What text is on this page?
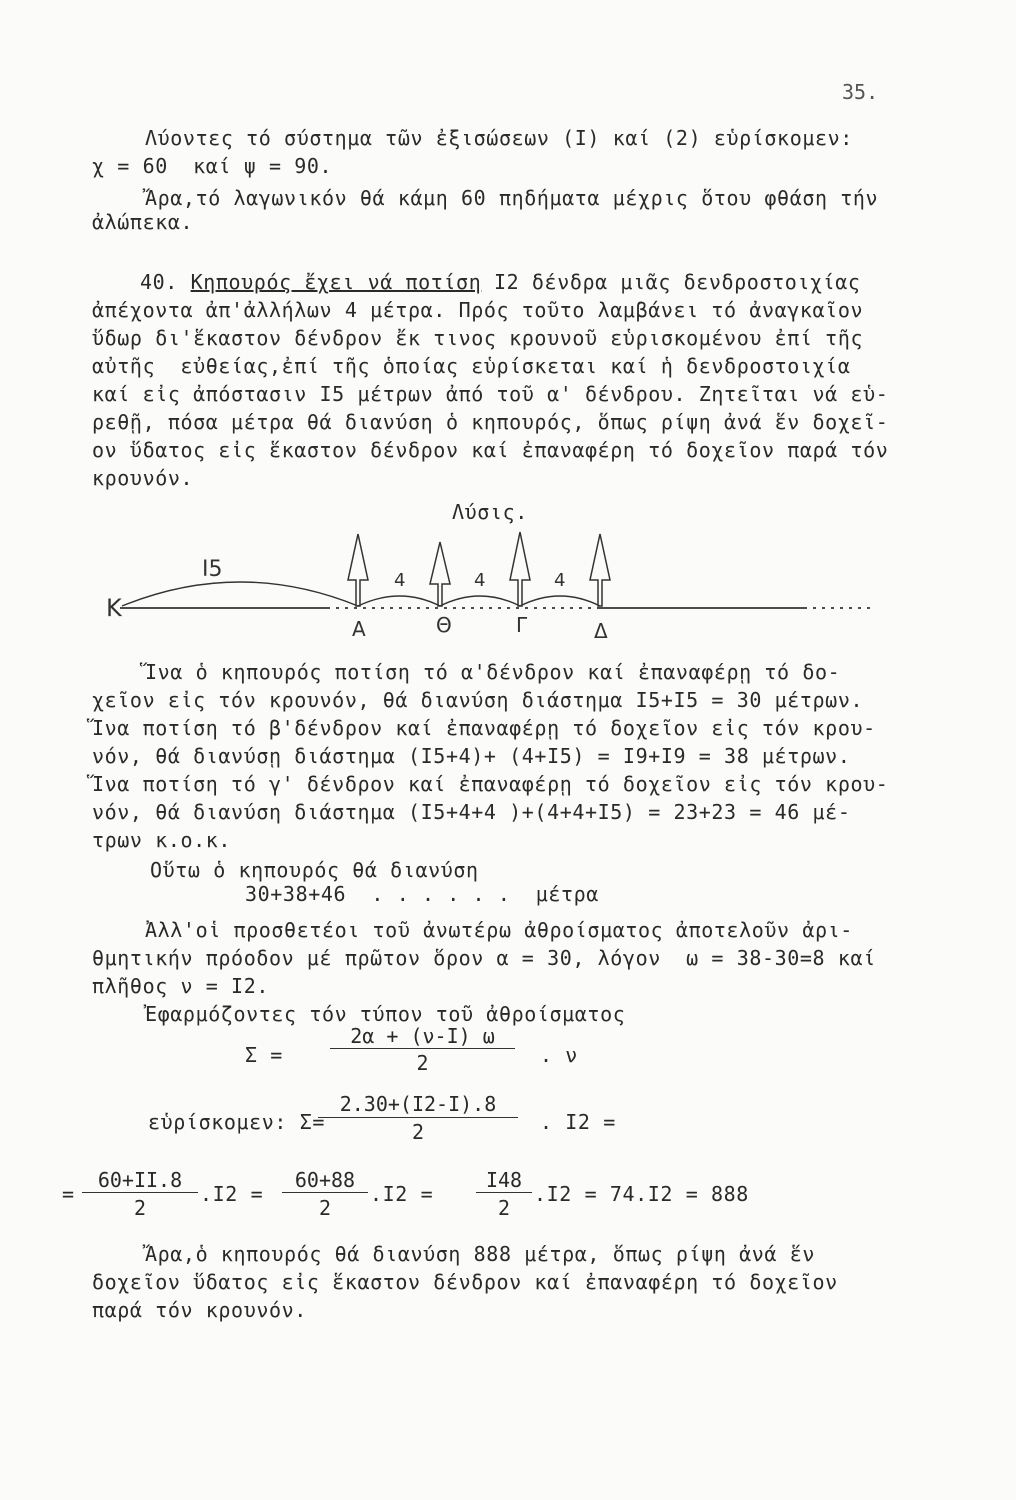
35.
Λύοντες τό σύστημα τῶν ἐξισώσεων (Ι) καί (2) εὑρίσκομεν:
χ = 60  καί ψ = 90.
Ἄρα,τό λαγωνικόν θά κάμη 60 πηδήματα μέχρις ὅτου φθάση τήν
ἀλώπεκα.
40. Κηπουρός ἔχει νά ποτίση Ι2 δένδρα μιᾶς δενδροστοιχίας
ἀπέχοντα ἀπ'ἀλλήλων 4 μέτρα. Πρός τοῦτο λαμβάνει τό ἀναγκαῖον
ὕδωρ δι'ἕκαστον δένδρον ἔκ τινος κρουνοῦ εὑρισκομένου ἐπί τῆς
αὐτῆς  εὐθείας,ἐπί τῆς ὁποίας εὑρίσκεται καί ἡ δενδροστοιχία
καί εἰς ἀπόστασιν Ι5 μέτρων ἀπό τοῦ α' δένδρου. Ζητεῖται νά εὑ-
ρεθῇ, πόσα μέτρα θά διανύση ὁ κηπουρός, ὅπως ρίψη ἀνά ἕν δοχεῖ-
ον ὕδατος εἰς ἕκαστον δένδρον καί ἐπαναφέρη τό δοχεῖον παρά τόν
κρουνόν.
Λύσις.
Κ
Ι5	4	4	4
Α	Θ	Γ	Δ
Ἵνα ὁ κηπουρός ποτίση τό α'δένδρον καί ἐπαναφέρῃ τό δο-
χεῖον εἰς τόν κρουνόν, θά διανύση διάστημα Ι5+Ι5 = 30 μέτρων.
Ἵνα ποτίση τό β'δένδρον καί ἐπαναφέρῃ τό δοχεῖον εἰς τόν κρου-
νόν, θά διανύσῃ διάστημα (Ι5+4)+ (4+Ι5) = Ι9+Ι9 = 38 μέτρων.
Ἵνα ποτίση τό γ' δένδρον καί ἐπαναφέρῃ τό δοχεῖον εἰς τόν κρου-
νόν, θά διανύση διάστημα (Ι5+4+4 )+(4+4+Ι5) = 23+23 = 46 μέ-
τρων κ.ο.κ.
Οὕτω ὁ κηπουρός θά διανύση
30+38+46  . . . . . .  μέτρα
Ἀλλ'οἱ προσθετέοι τοῦ ἀνωτέρω ἀθροίσματος ἀποτελοῦν ἀρι-
θμητικήν πρόοδον μέ πρῶτον ὅρον α = 30, λόγον  ω = 38-30=8 καί
πλῆθος ν = Ι2.
Ἐφαρμόζοντες τόν τύπον τοῦ ἀθροίσματος
Σ =
2α + (ν-Ι) ω
2	. ν
εὑρίσκομεν: Σ=
2.30+(Ι2-Ι).8
2	. Ι2 =
=
60+ΙΙ.8
2
.Ι2 =
60+88
2
.Ι2 =
Ι48
2
.Ι2 = 74.Ι2 = 888
Ἄρα,ὁ κηπουρός θά διανύση 888 μέτρα, ὅπως ρίψη ἀνά ἕν
δοχεῖον ὕδατος εἰς ἕκαστον δένδρον καί ἐπαναφέρη τό δοχεῖον
παρά τόν κρουνόν.
